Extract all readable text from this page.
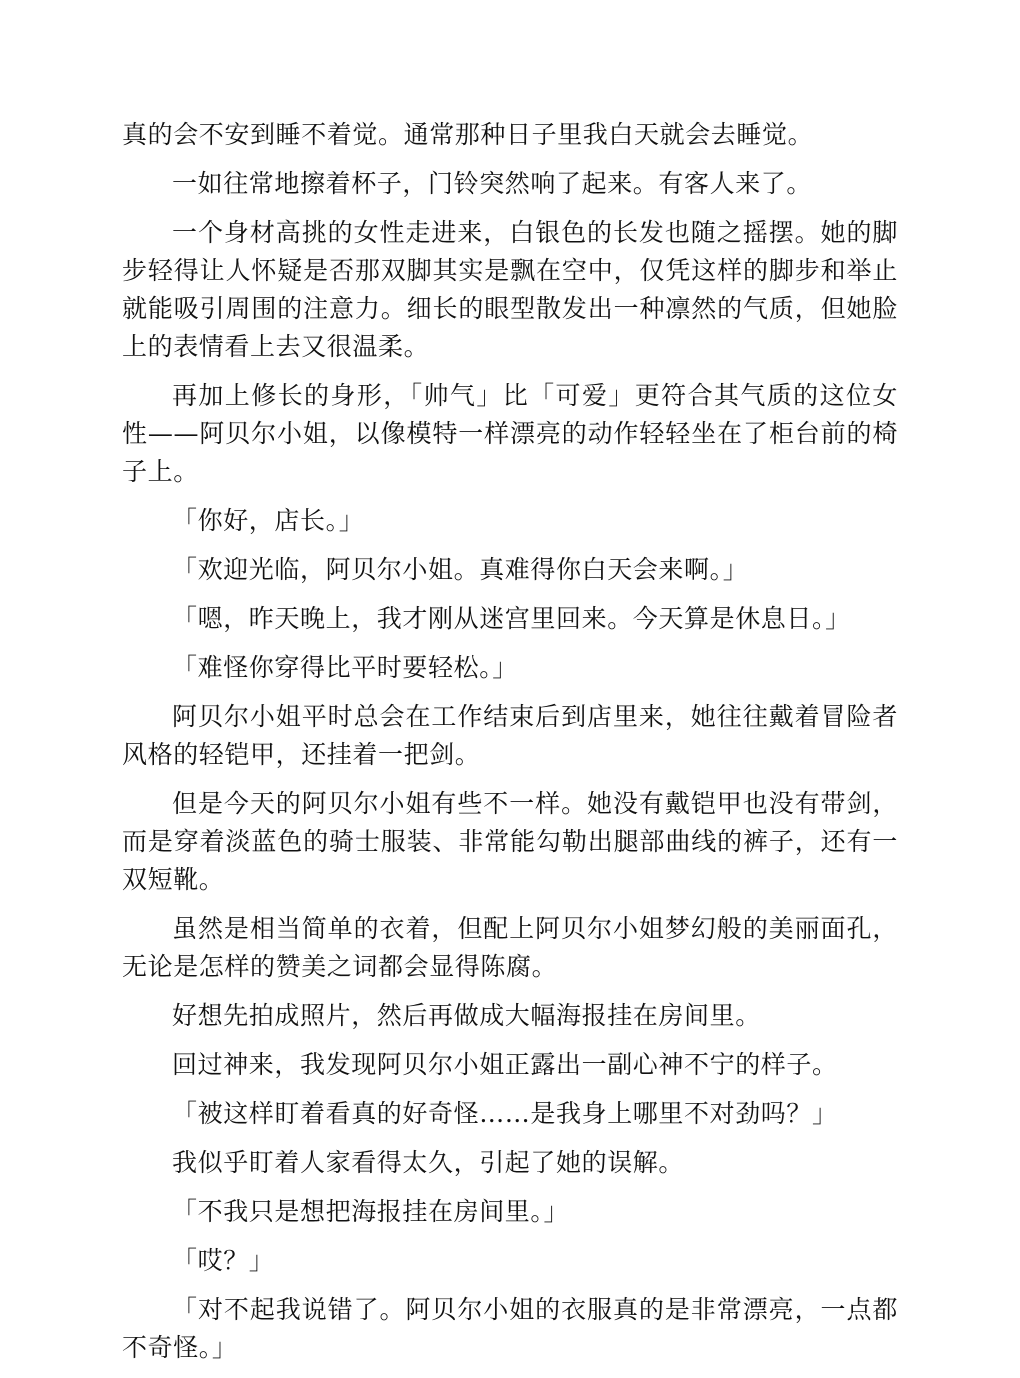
真的会不安到睡不着觉。通常那种日子里我白天就会去睡觉。

一如往常地擦着杯子，门铃突然响了起来。有客人来了。

一个身材高挑的女性走进来，白银色的长发也随之摇摆。她的脚步轻得让人怀疑是否那双脚其实是飘在空中，仅凭这样的脚步和举止就能吸引周围的注意力。细长的眼型散发出一种凛然的气质，但她脸上的表情看上去又很温柔。

再加上修长的身形，「帅气」比「可爱」更符合其气质的这位女性——阿贝尔小姐，以像模特一样漂亮的动作轻轻坐在了柜台前的椅子上。

「你好，店长。」

「欢迎光临，阿贝尔小姐。真难得你白天会来啊。」

「嗯，昨天晚上，我才刚从迷宫里回来。今天算是休息日。」

「难怪你穿得比平时要轻松。」

阿贝尔小姐平时总会在工作结束后到店里来，她往往戴着冒险者风格的轻铠甲，还挂着一把剑。

但是今天的阿贝尔小姐有些不一样。她没有戴铠甲也没有带剑，而是穿着淡蓝色的骑士服装、非常能勾勒出腿部曲线的裤子，还有一双短靴。

虽然是相当简单的衣着，但配上阿贝尔小姐梦幻般的美丽面孔，无论是怎样的赞美之词都会显得陈腐。

好想先拍成照片，然后再做成大幅海报挂在房间里。

回过神来，我发现阿贝尔小姐正露出一副心神不宁的样子。

「被这样盯着看真的好奇怪……是我身上哪里不对劲吗？」

我似乎盯着人家看得太久，引起了她的误解。

「不我只是想把海报挂在房间里。」

「哎？」

「对不起我说错了。阿贝尔小姐的衣服真的是非常漂亮，一点都不奇怪。」
